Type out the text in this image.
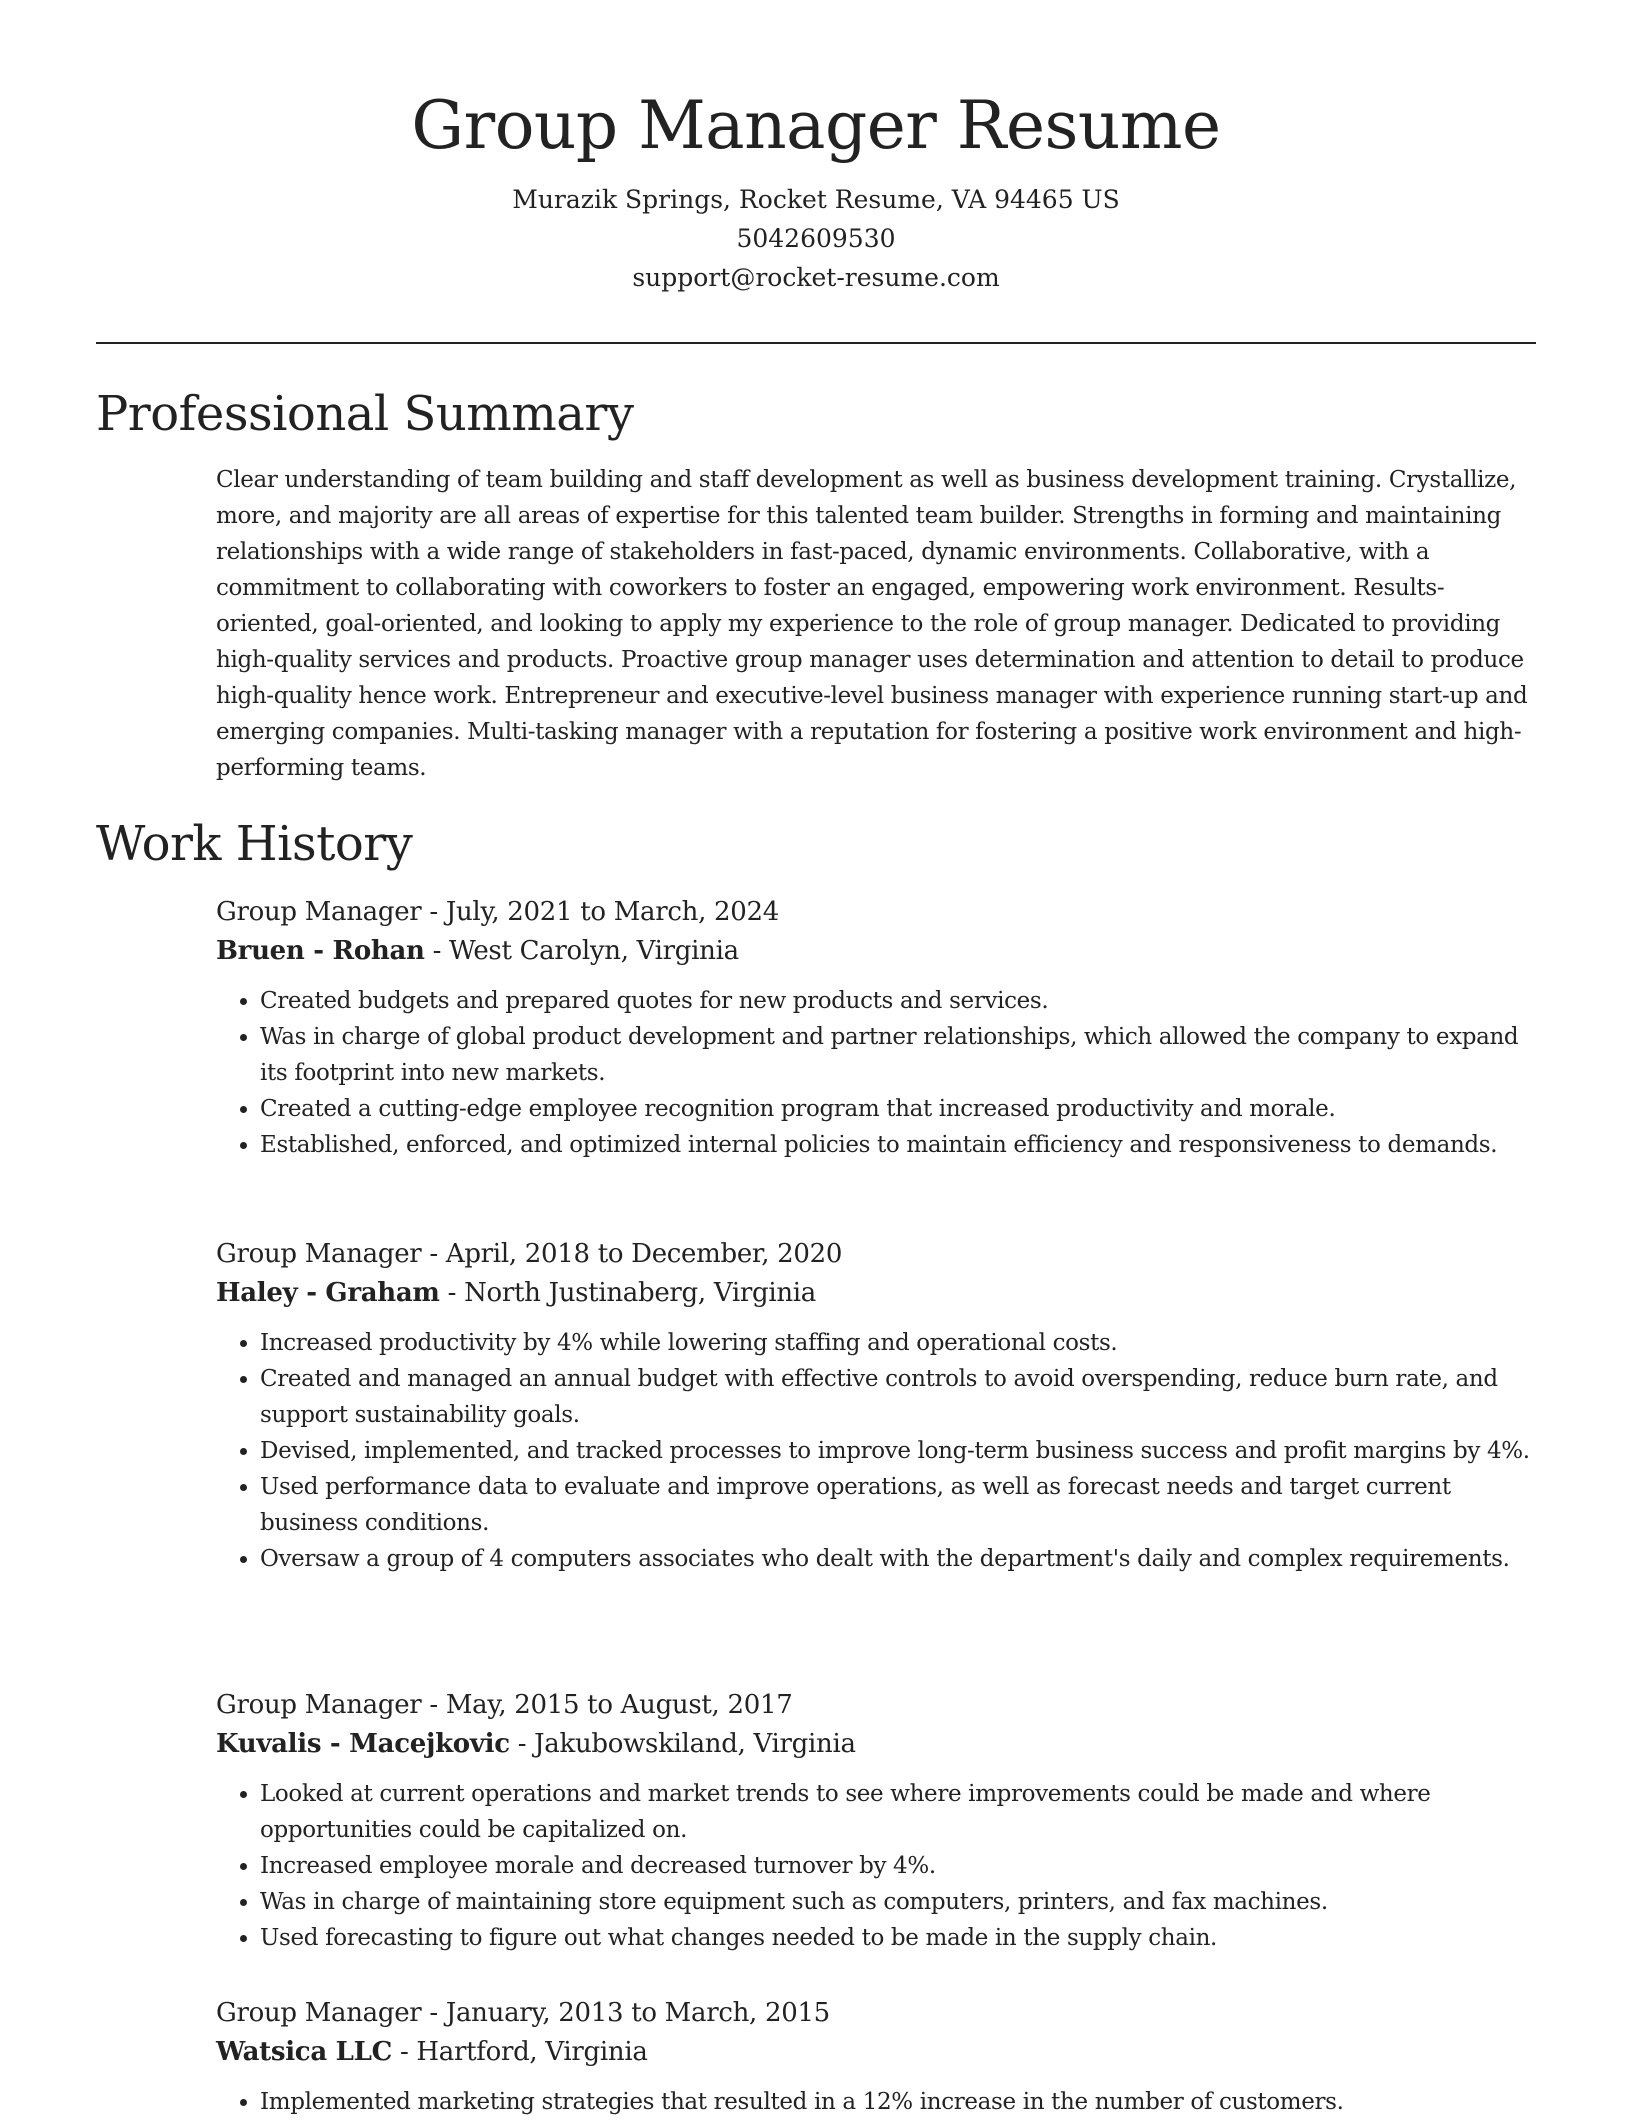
Group Manager Resume
Murazik Springs, Rocket Resume, VA 94465 US
5042609530
support@rocket-resume.com
Professional Summary

Clear understanding of team building and staff development as well as business development training. Crystallize, more, and majority are all areas of expertise for this talented team builder. Strengths in forming and maintaining relationships with a wide range of stakeholders in fast-paced, dynamic environments. Collaborative, with a commitment to collaborating with coworkers to foster an engaged, empowering work environment. Results-oriented, goal-oriented, and looking to apply my experience to the role of group manager. Dedicated to providing high-quality services and products. Proactive group manager uses determination and attention to detail to produce high-quality hence work. Entrepreneur and executive-level business manager with experience running start-up and emerging companies. Multi-tasking manager with a reputation for fostering a positive work environment and high-performing teams.

Work History
Group Manager - July, 2021 to March, 2024
Bruen - Rohan - West Carolyn, Virginia
• Created budgets and prepared quotes for new products and services.
• Was in charge of global product development and partner relationships, which allowed the company to expand its footprint into new markets.
• Created a cutting-edge employee recognition program that increased productivity and morale.
• Established, enforced, and optimized internal policies to maintain efficiency and responsiveness to demands.
Group Manager - April, 2018 to December, 2020
Haley - Graham - North Justinaberg, Virginia
• Increased productivity by 4% while lowering staffing and operational costs.
• Created and managed an annual budget with effective controls to avoid overspending, reduce burn rate, and support sustainability goals.
• Devised, implemented, and tracked processes to improve long-term business success and profit margins by 4%.
• Used performance data to evaluate and improve operations, as well as forecast needs and target current business conditions.
• Oversaw a group of 4 computers associates who dealt with the department's daily and complex requirements.
Group Manager - May, 2015 to August, 2017
Kuvalis - Macejkovic - Jakubowskiland, Virginia
• Looked at current operations and market trends to see where improvements could be made and where opportunities could be capitalized on.
• Increased employee morale and decreased turnover by 4%.
• Was in charge of maintaining store equipment such as computers, printers, and fax machines.
• Used forecasting to figure out what changes needed to be made in the supply chain.
Group Manager - January, 2013 to March, 2015
Watsica LLC - Hartford, Virginia
• Implemented marketing strategies that resulted in a 12% increase in the number of customers.
